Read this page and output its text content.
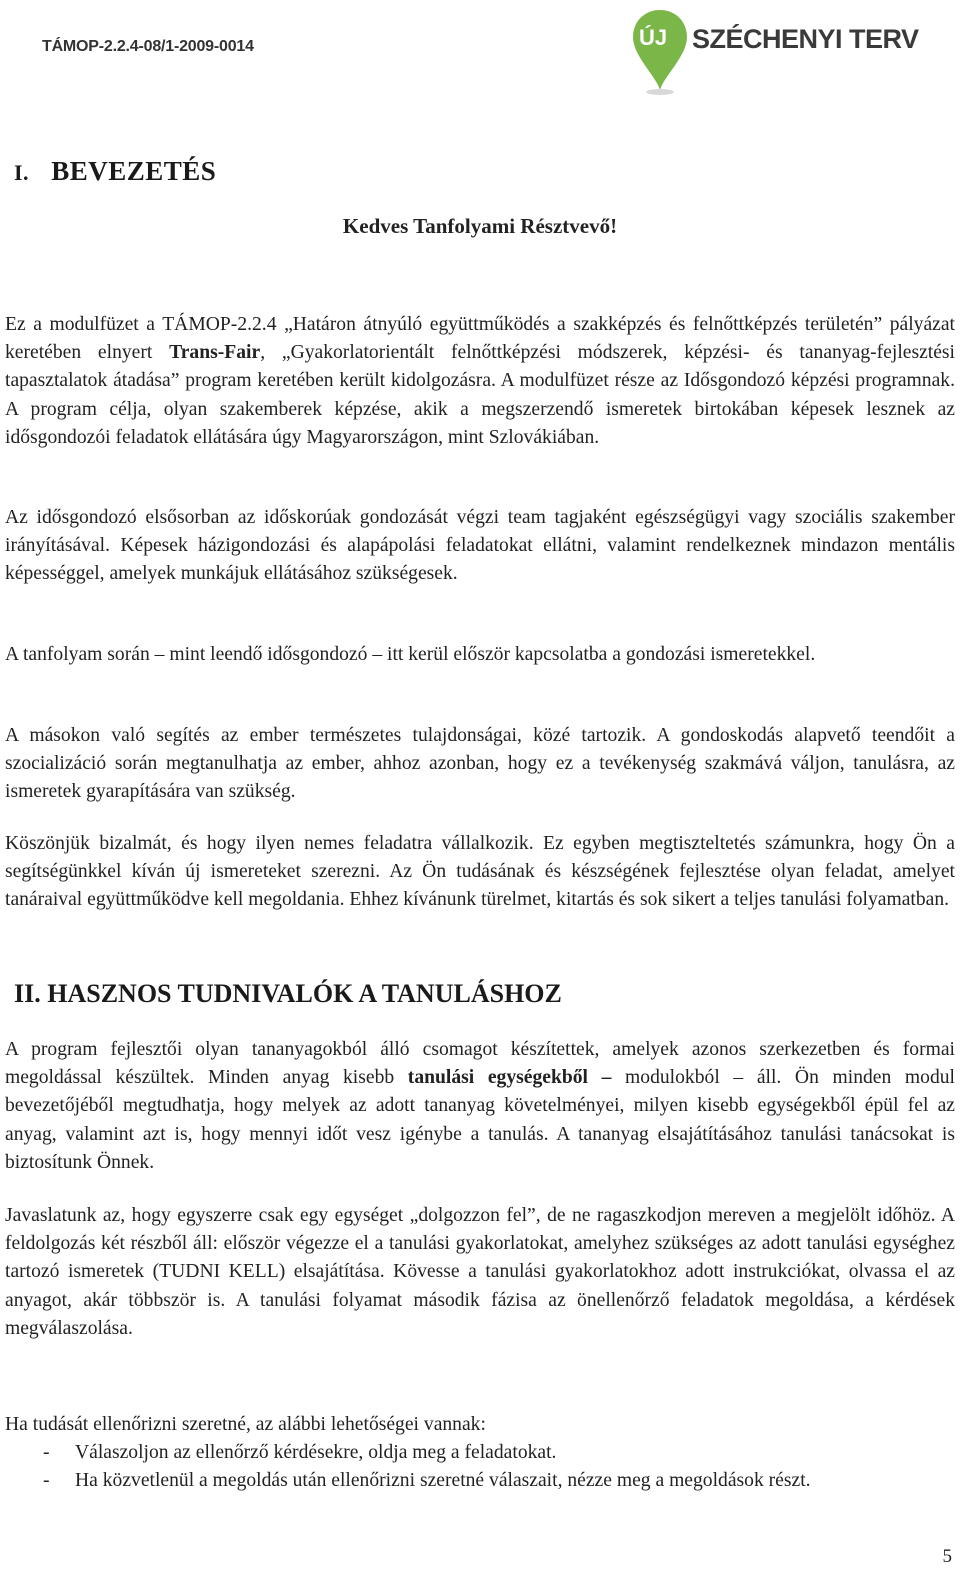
TÁMOP-2.2.4-08/1-2009-0014	ÚJ SZÉCHENYI TERV
I. BEVEZETÉS
Kedves Tanfolyami Résztvevő!

Ez a modulfüzet a TÁMOP-2.2.4 „Határon átnyúló együttműködés a szakképzés és felnőttképzés területén” pályázat keretében elnyert Trans-Fair, „Gyakorlatorientált felnőttképzési módszerek, képzési- és tananyag-fejlesztési tapasztalatok átadása” program keretében került kidolgozásra. A modulfüzet része az Idősgondozó képzési programnak. A program célja, olyan szakemberek képzése, akik a megszerzendő ismeretek birtokában képesek lesznek az idősgondozói feladatok ellátására úgy Magyarországon, mint Szlovákiában.

Az idősgondozó elsősorban az időskorúak gondozását végzi team tagjaként egészségügyi vagy szociális szakember irányításával. Képesek házigondozási és alapápolási feladatokat ellátni, valamint rendelkeznek mindazon mentális képességgel, amelyek munkájuk ellátásához szükségesek.

A tanfolyam során – mint leendő idősgondozó – itt kerül először kapcsolatba a gondozási ismeretekkel.

A másokon való segítés az ember természetes tulajdonságai, közé tartozik. A gondoskodás alapvető teendőit a szocializáció során megtanulhatja az ember, ahhoz azonban, hogy ez a tevékenység szakmává váljon, tanulásra, az ismeretek gyarapítására van szükség.

Köszönjük bizalmát, és hogy ilyen nemes feladatra vállalkozik. Ez egyben megtiszteltetés számunkra, hogy Ön a segítségünkkel kíván új ismereteket szerezni. Az Ön tudásának és készségének fejlesztése olyan feladat, amelyet tanáraival együttműködve kell megoldania. Ehhez kívánunk türelmet, kitartás és sok sikert a teljes tanulási folyamatban.

II. HASZNOS TUDNIVALÓK A TANULÁSHOZ

A program fejlesztői olyan tananyagokból álló csomagot készítettek, amelyek azonos szerkezetben és formai megoldással készültek. Minden anyag kisebb tanulási egységekből – modulokból – áll. Ön minden modul bevezetőjéből megtudhatja, hogy melyek az adott tananyag követelményei, milyen kisebb egységekből épül fel az anyag, valamint azt is, hogy mennyi időt vesz igénybe a tanulás. A tananyag elsajátításához tanulási tanácsokat is biztosítunk Önnek.

Javaslatunk az, hogy egyszerre csak egy egységet „dolgozzon fel”, de ne ragaszkodjon mereven a megjelölt időhöz. A feldolgozás két részből áll: először végezze el a tanulási gyakorlatokat, amelyhez szükséges az adott tanulási egységhez tartozó ismeretek (TUDNI KELL) elsajátítása. Kövesse a tanulási gyakorlatokhoz adott instrukciókat, olvassa el az anyagot, akár többször is. A tanulási folyamat második fázisa az önellenőrző feladatok megoldása, a kérdések megválaszolása.

Ha tudását ellenőrizni szeretné, az alábbi lehetőségei vannak:

- Válaszoljon az ellenőrző kérdésekre, oldja meg a feladatokat.
- Ha közvetlenül a megoldás után ellenőrizni szeretné válaszait, nézze meg a megoldások részt.
5
